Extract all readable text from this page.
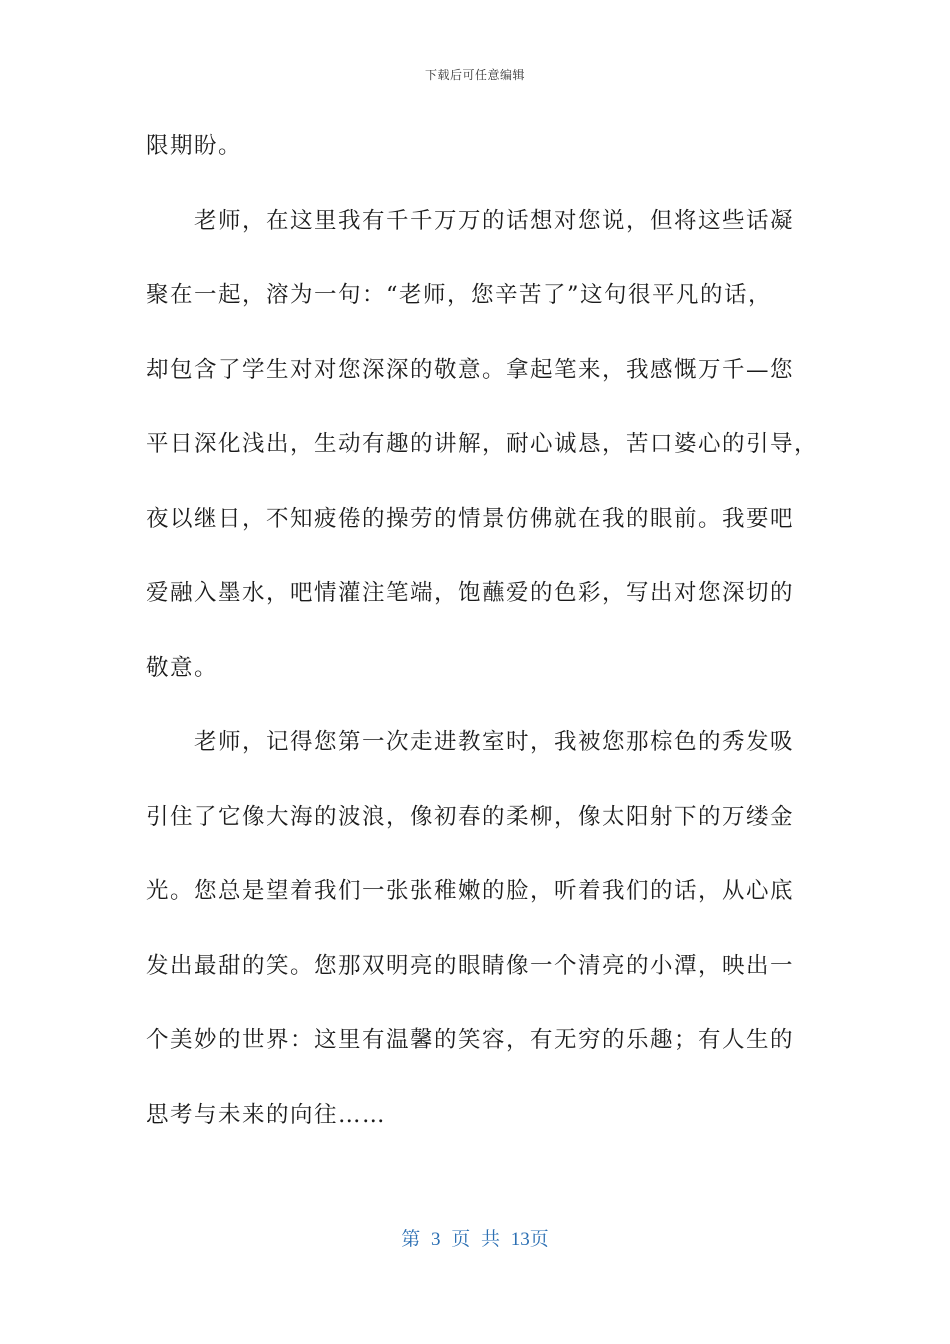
下载后可任意编辑
限期盼。
　　老师，在这里我有千千万万的话想对您说，但将这些话凝
聚在一起，溶为一句：“老师，您辛苦了”这句很平凡的话，
却包含了学生对对您深深的敬意。拿起笔来，我感慨万千—您
平日深化浅出，生动有趣的讲解，耐心诚恳，苦口婆心的引导，
夜以继日，不知疲倦的操劳的情景仿佛就在我的眼前。我要吧
爱融入墨水，吧情灌注笔端，饱蘸爱的色彩，写出对您深切的
敬意。
　　老师，记得您第一次走进教室时，我被您那棕色的秀发吸
引住了它像大海的波浪，像初春的柔柳，像太阳射下的万缕金
光。您总是望着我们一张张稚嫩的脸，听着我们的话，从心底
发出最甜的笑。您那双明亮的眼睛像一个清亮的小潭，映出一
个美妙的世界：这里有温馨的笑容，有无穷的乐趣；有人生的
思考与未来的向往……
第 3 页 共 13页
